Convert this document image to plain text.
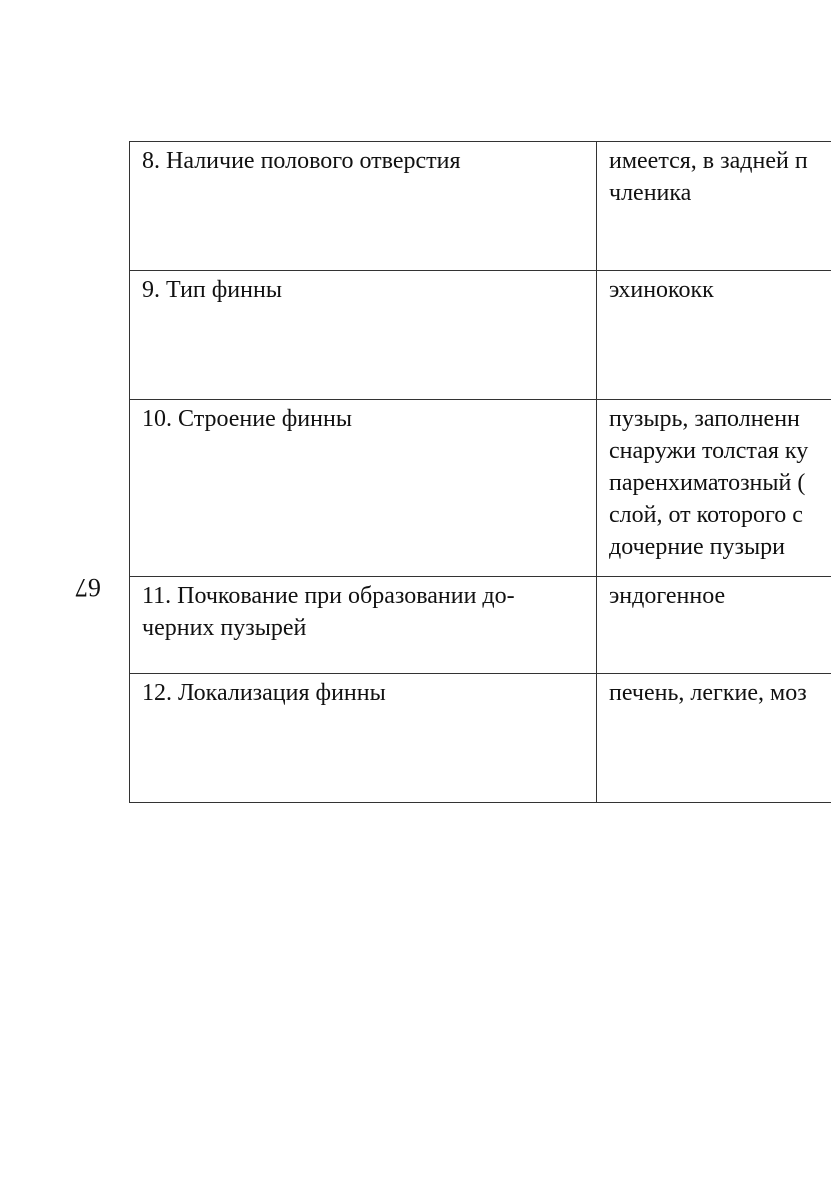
67
8. Наличие полового отверстия	имеется, в задней п
членика

9. Тип финны	эхинококк

10. Строение финны	пузырь, заполненн
снаружи толстая ку
паренхиматозный (
слой, от которого с
дочерние пузыри

11. Почкование при образовании до-
черних пузырей	эндогенное

12. Локализация финны	печень, легкие, моз
